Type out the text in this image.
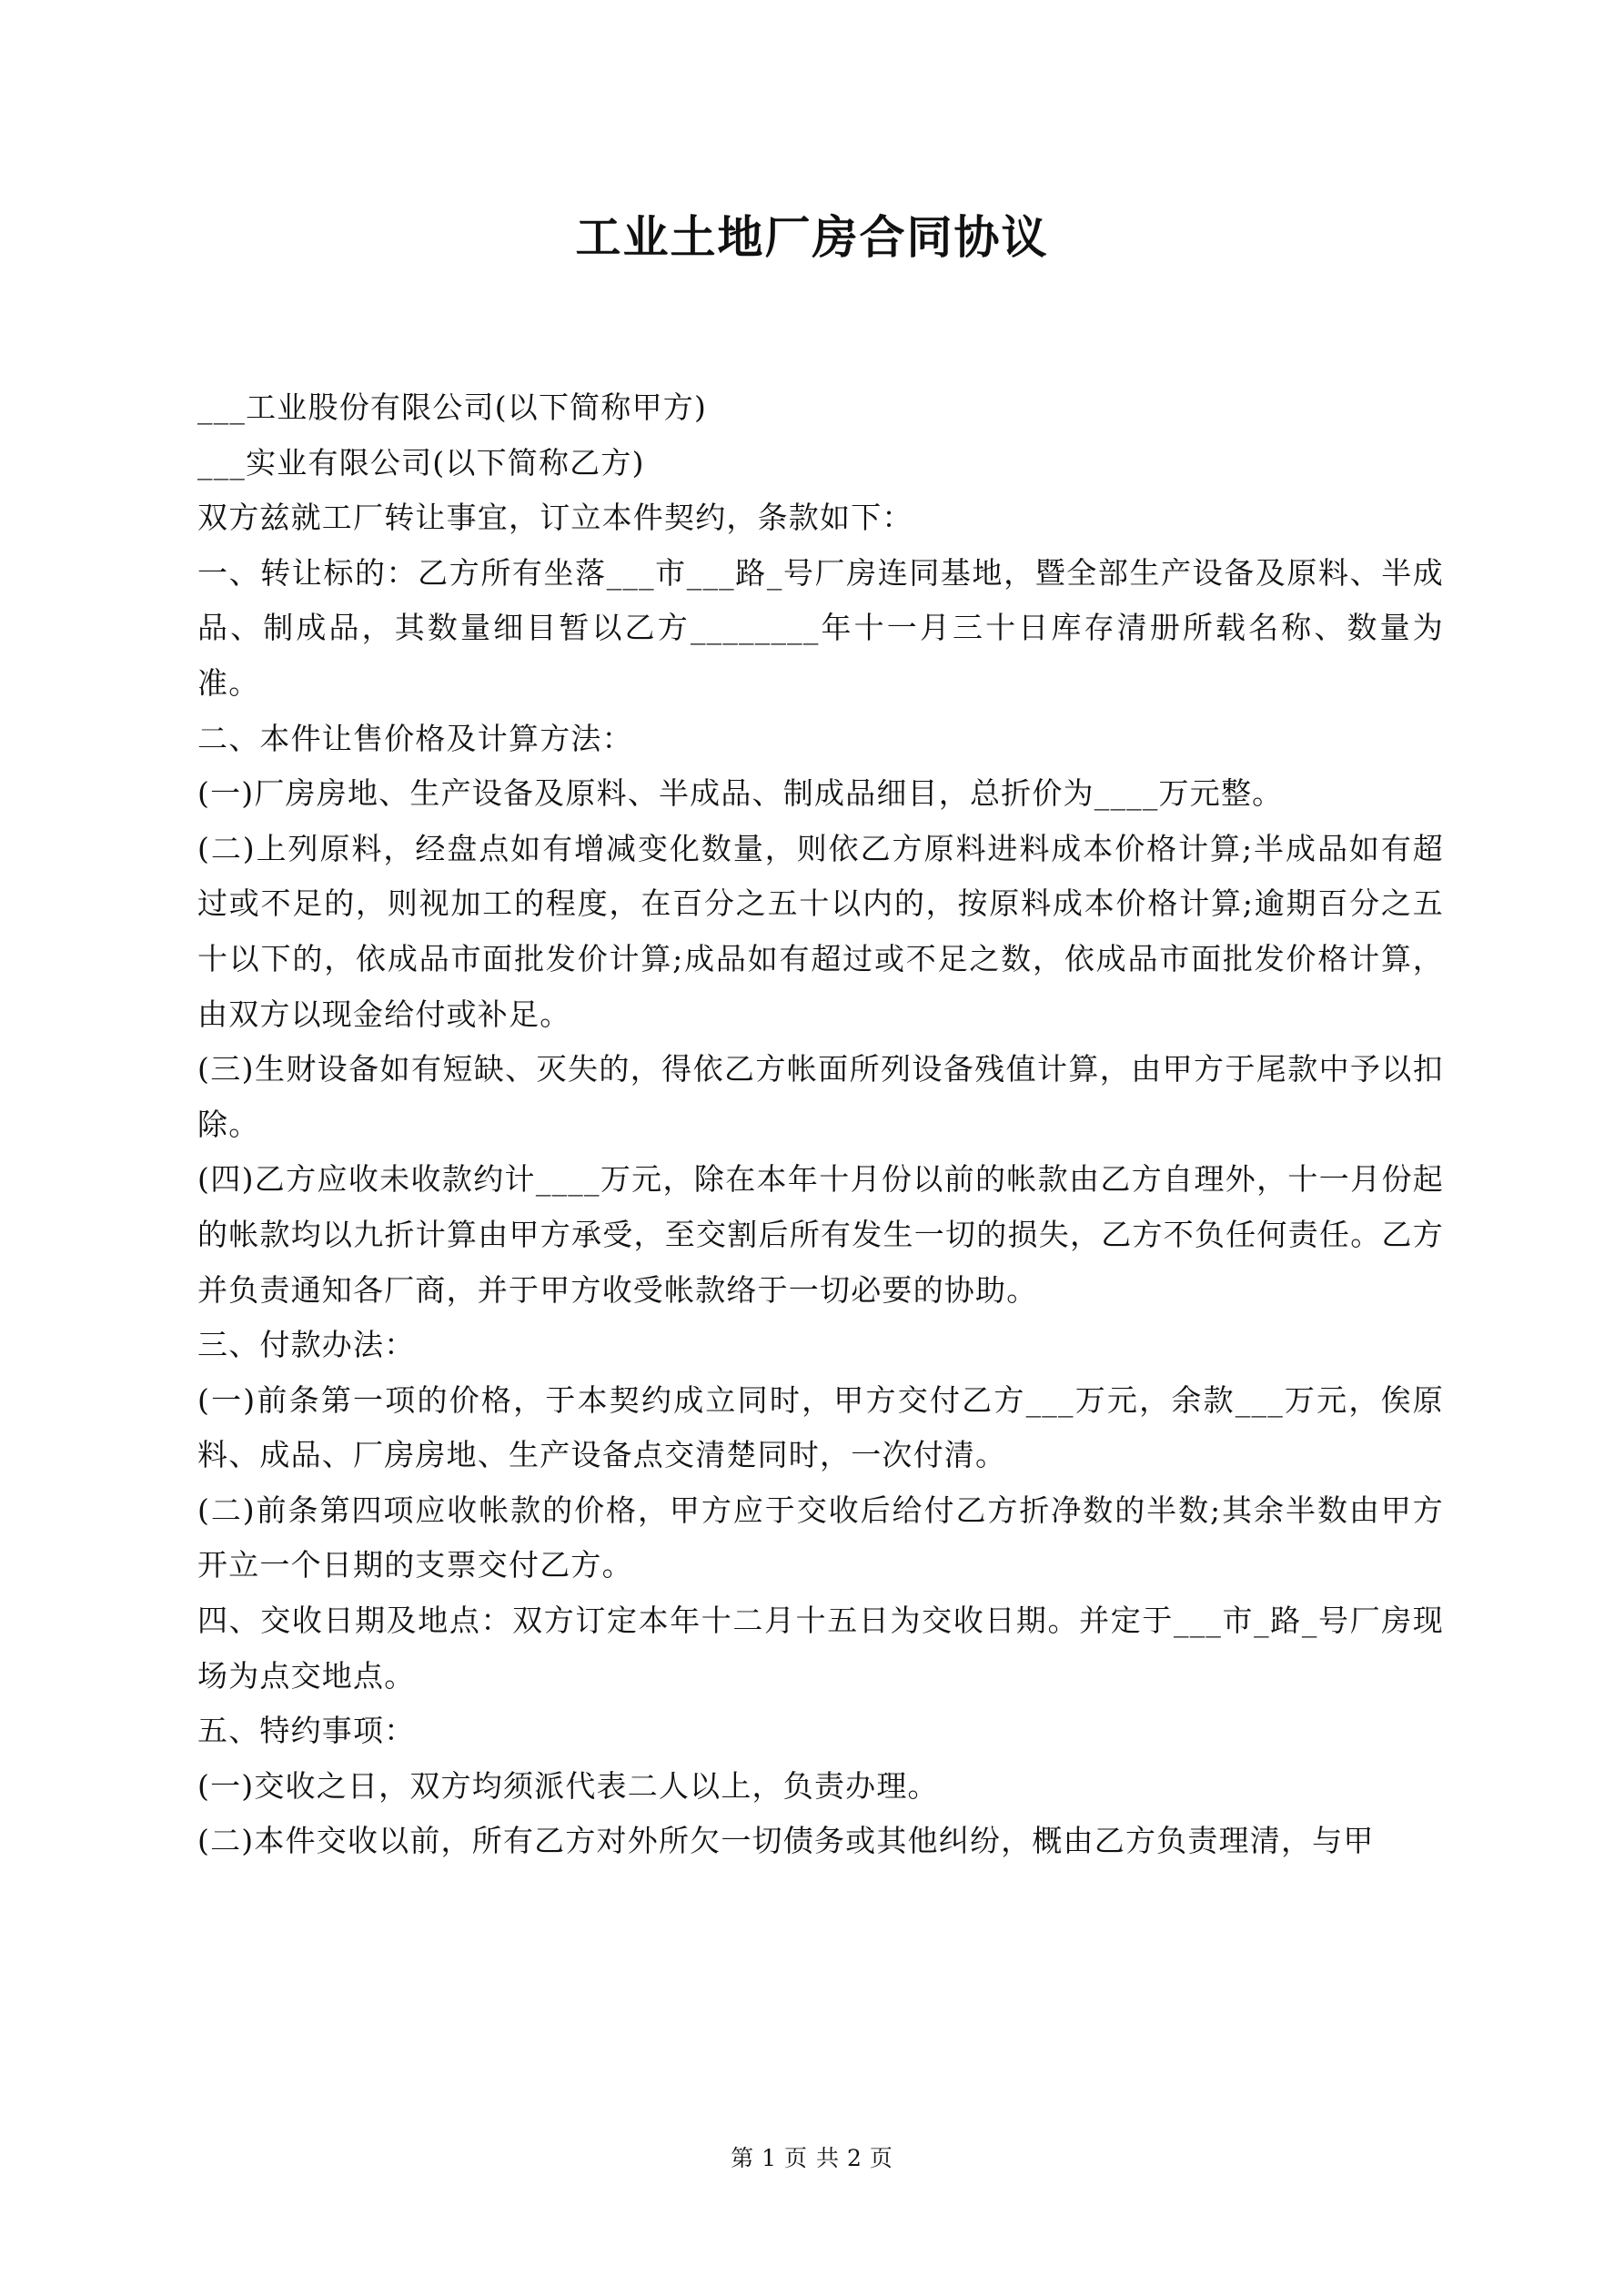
工业土地厂房合同协议

___工业股份有限公司(以下简称甲方)

___实业有限公司(以下简称乙方)

双方兹就工厂转让事宜，订立本件契约，条款如下：

一、转让标的：乙方所有坐落___市___路_号厂房连同基地，暨全部生产设备及原料、半成品、制成品，其数量细目暂以乙方________年十一月三十日库存清册所载名称、数量为准。

二、本件让售价格及计算方法：

(一)厂房房地、生产设备及原料、半成品、制成品细目，总折价为____万元整。

(二)上列原料，经盘点如有增减变化数量，则依乙方原料进料成本价格计算;半成品如有超过或不足的，则视加工的程度，在百分之五十以内的，按原料成本价格计算;逾期百分之五十以下的，依成品市面批发价计算;成品如有超过或不足之数，依成品市面批发价格计算，由双方以现金给付或补足。

(三)生财设备如有短缺、灭失的，得依乙方帐面所列设备残值计算，由甲方于尾款中予以扣除。

(四)乙方应收未收款约计____万元，除在本年十月份以前的帐款由乙方自理外，十一月份起的帐款均以九折计算由甲方承受，至交割后所有发生一切的损失，乙方不负任何责任。乙方并负责通知各厂商，并于甲方收受帐款络于一切必要的协助。

三、付款办法：

(一)前条第一项的价格，于本契约成立同时，甲方交付乙方___万元，余款___万元，俟原料、成品、厂房房地、生产设备点交清楚同时，一次付清。

(二)前条第四项应收帐款的价格，甲方应于交收后给付乙方折净数的半数;其余半数由甲方开立一个日期的支票交付乙方。

四、交收日期及地点：双方订定本年十二月十五日为交收日期。并定于___市_路_号厂房现场为点交地点。

五、特约事项：

(一)交收之日，双方均须派代表二人以上，负责办理。

(二)本件交收以前，所有乙方对外所欠一切债务或其他纠纷，概由乙方负责理清，与甲

第 1 页 共 2 页
